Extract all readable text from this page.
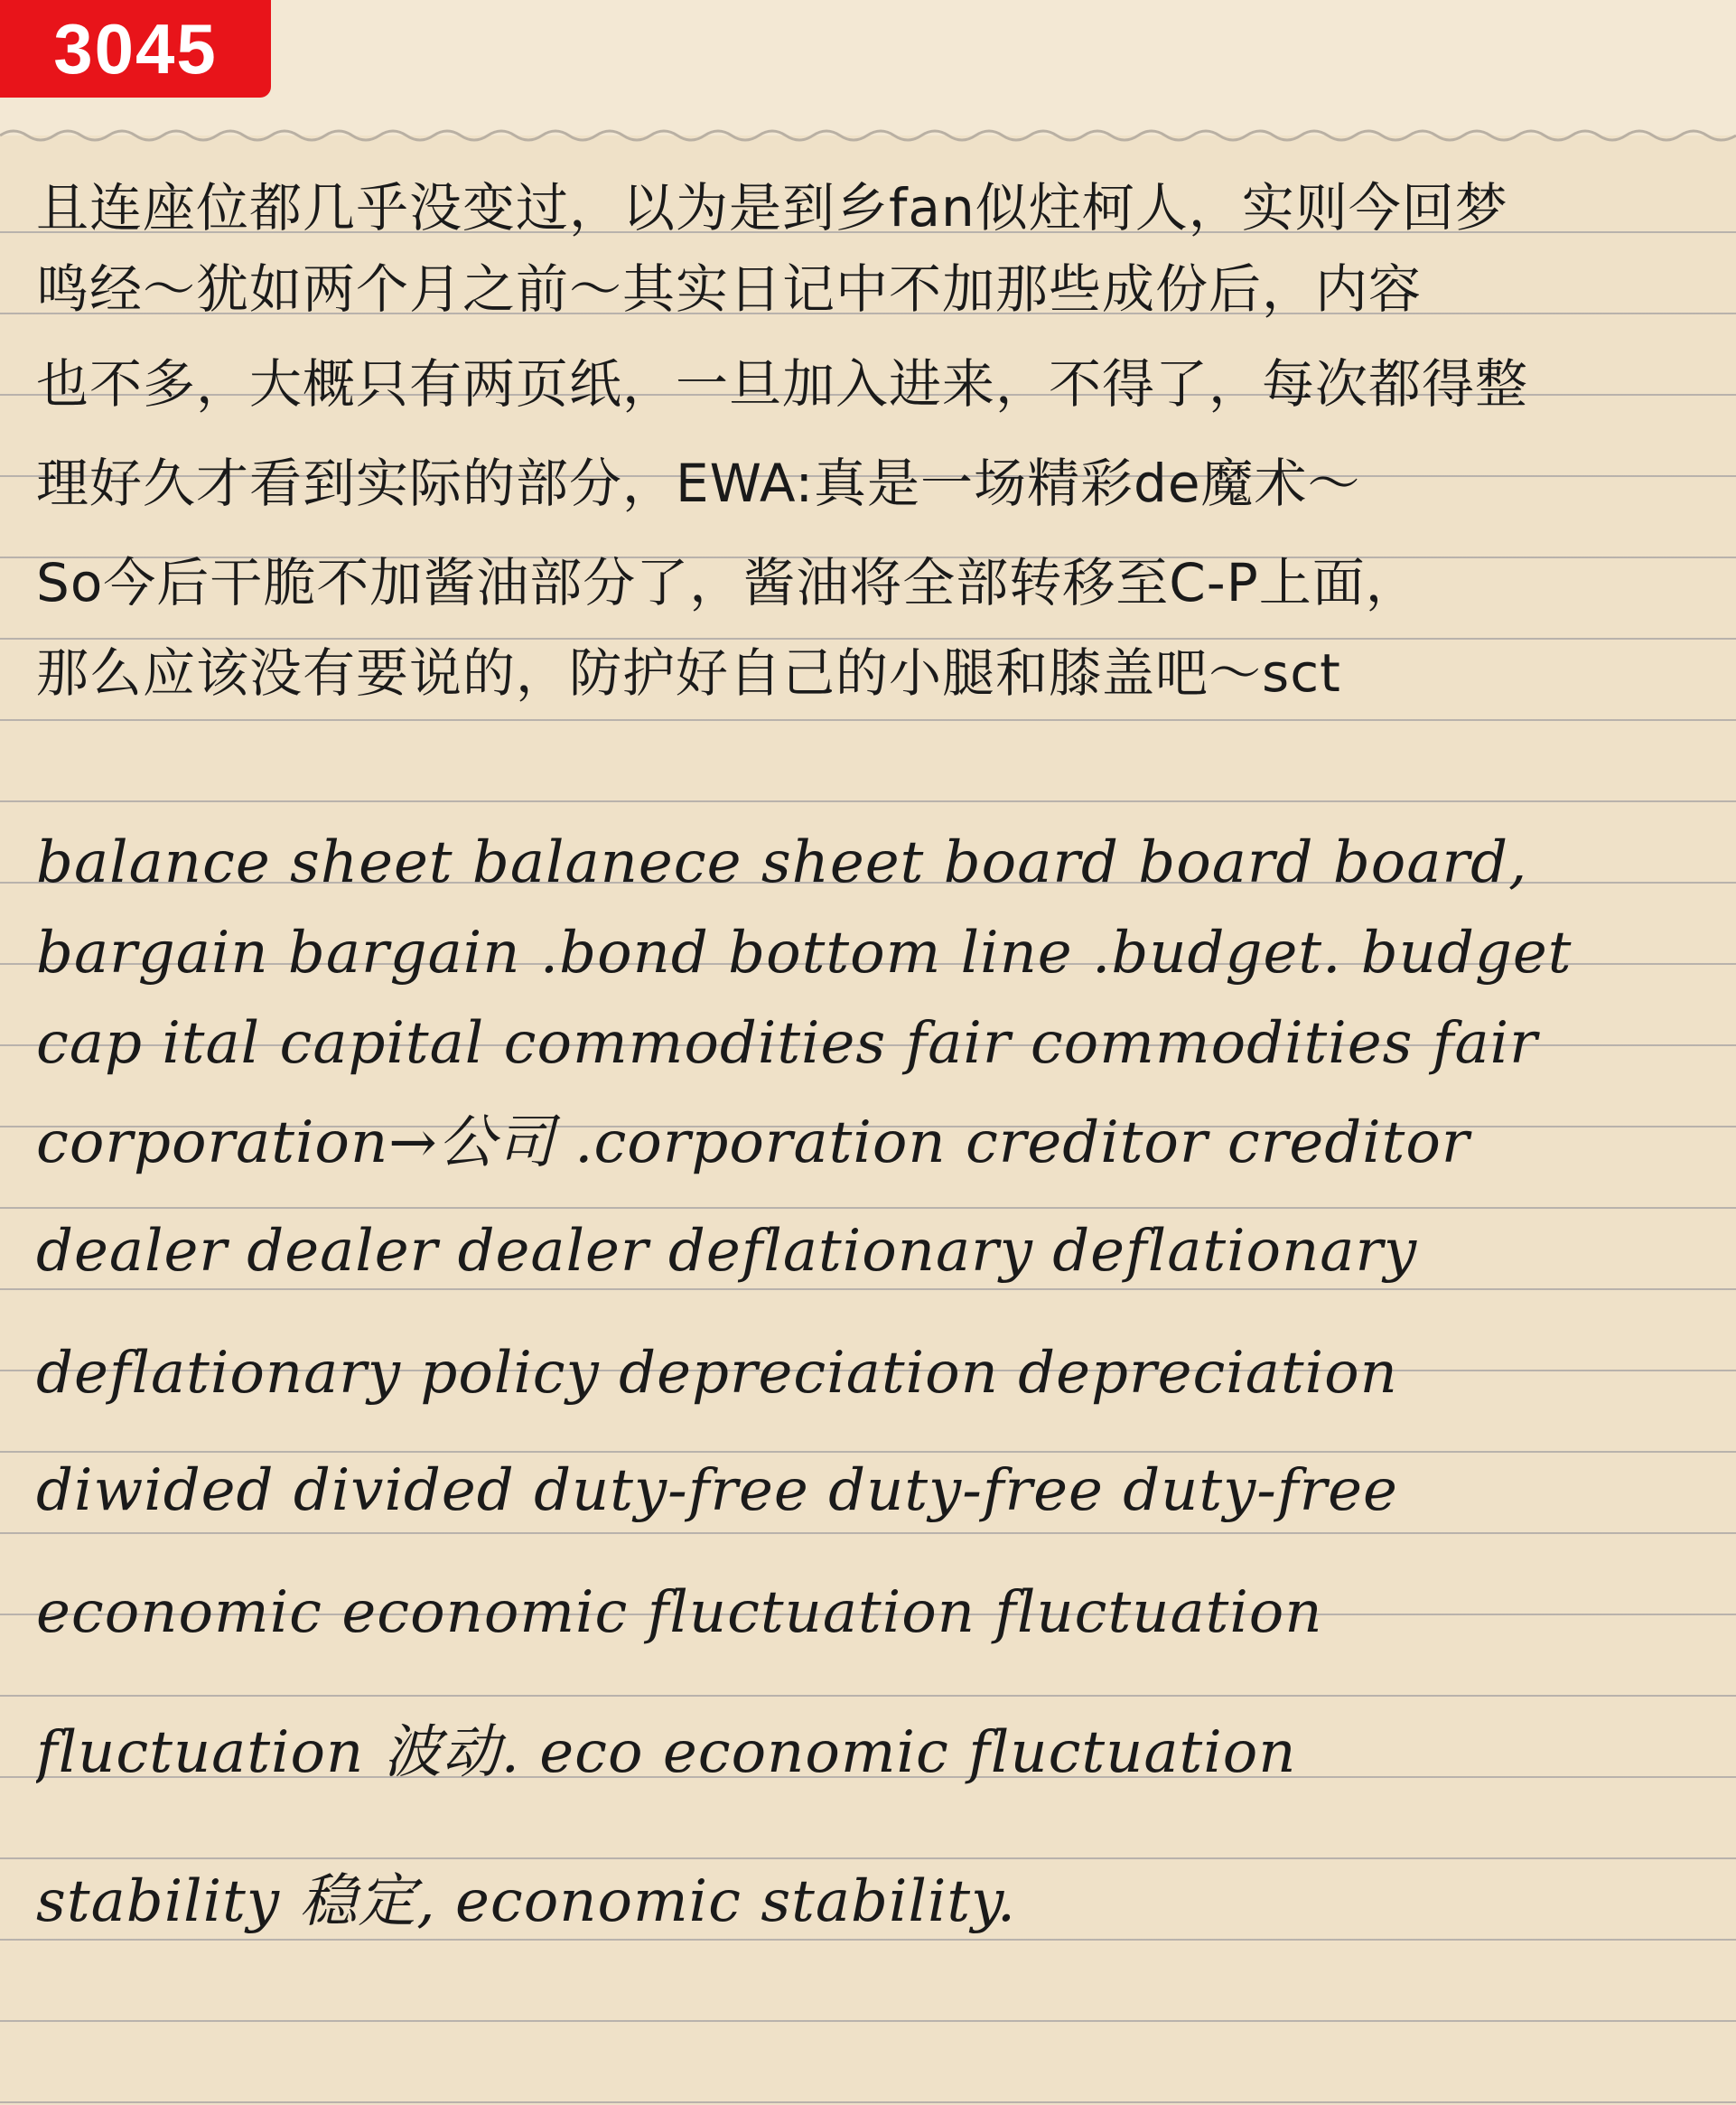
3045
且连座位都几乎没变过，以为是到乡fan似炷柯人，实则今回梦
鸣经～犹如两个月之前～其实日记中不加那些成份后，内容
也不多，大概只有两页纸，一旦加入进来，不得了，每次都得整
理好久才看到实际的部分，EWA:真是一场精彩de魔术～
So今后干脆不加酱油部分了，酱油将全部转移至C-P上面，
那么应该没有要说的，防护好自己的小腿和膝盖吧～sct
balance sheet balanece sheet board board board,
bargain bargain .bond bottom line .budget. budget
cap ital capital commodities fair commodities fair
corporation→公司 .corporation creditor creditor
dealer dealer dealer deflationary deflationary
deflationary policy depreciation depreciation
diwided divided duty-free duty-free duty-free
economic economic fluctuation fluctuation
fluctuation 波动. eco economic fluctuation
stability 稳定, economic stability.
